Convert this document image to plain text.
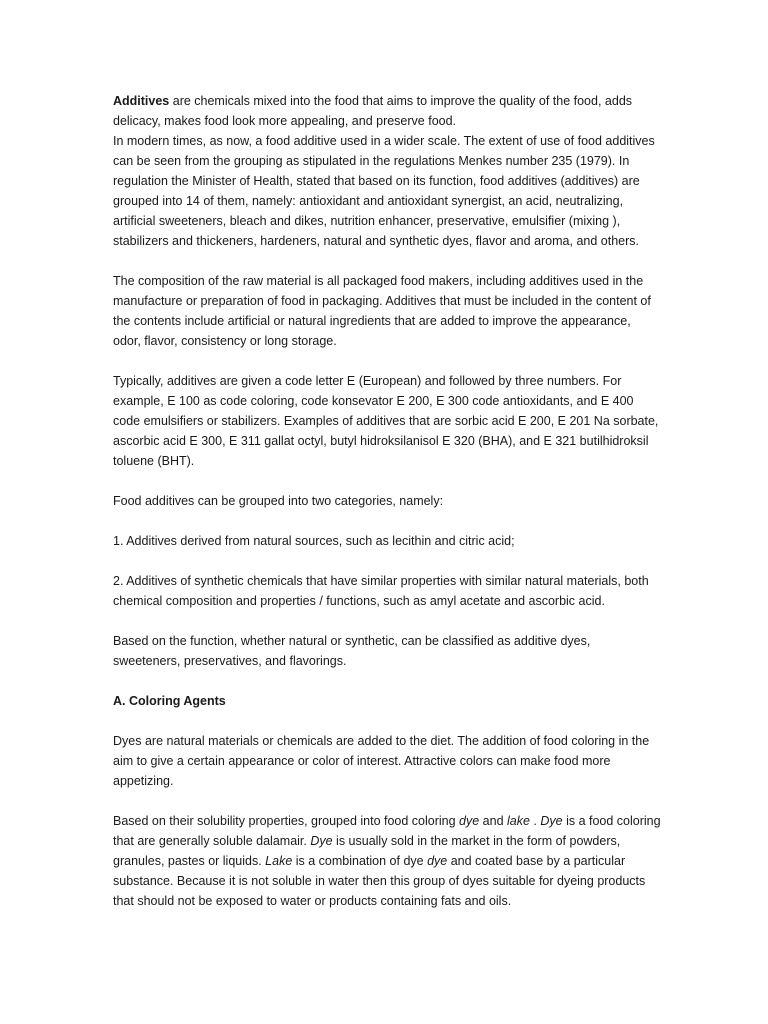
Additives are chemicals mixed into the food that aims to improve the quality of the food, adds delicacy, makes food look more appealing, and preserve food.

In modern times, as now, a food additive used in a wider scale. The extent of use of food additives can be seen from the grouping as stipulated in the regulations Menkes number 235 (1979). In regulation the Minister of Health, stated that based on its function, food additives (additives) are grouped into 14 of them, namely: antioxidant and antioxidant synergist, an acid, neutralizing, artificial sweeteners, bleach and dikes, nutrition enhancer, preservative, emulsifier (mixing ), stabilizers and thickeners, hardeners, natural and synthetic dyes, flavor and aroma, and others.

The composition of the raw material is all packaged food makers, including additives used in the manufacture or preparation of food in packaging. Additives that must be included in the content of the contents include artificial or natural ingredients that are added to improve the appearance, odor, flavor, consistency or long storage.

Typically, additives are given a code letter E (European) and followed by three numbers. For example, E 100 as code coloring, code konsevator E 200, E 300 code antioxidants, and E 400 code emulsifiers or stabilizers. Examples of additives that are sorbic acid E 200, E 201 Na sorbate, ascorbic acid E 300, E 311 gallat octyl, butyl hidroksilanisol E 320 (BHA), and E 321 butilhidroksil toluene (BHT).

Food additives can be grouped into two categories, namely:

1. Additives derived from natural sources, such as lecithin and citric acid;

2. Additives of synthetic chemicals that have similar properties with similar natural materials, both chemical composition and properties / functions, such as amyl acetate and ascorbic acid.

Based on the function, whether natural or synthetic, can be classified as additive dyes, sweeteners, preservatives, and flavorings.

A. Coloring Agents

Dyes are natural materials or chemicals are added to the diet. The addition of food coloring in the aim to give a certain appearance or color of interest. Attractive colors can make food more appetizing.

Based on their solubility properties, grouped into food coloring dye and lake . Dye is a food coloring that are generally soluble dalamair. Dye is usually sold in the market in the form of powders, granules, pastes or liquids. Lake is a combination of dye dye and coated base by a particular substance. Because it is not soluble in water then this group of dyes suitable for dyeing products that should not be exposed to water or products containing fats and oils.
